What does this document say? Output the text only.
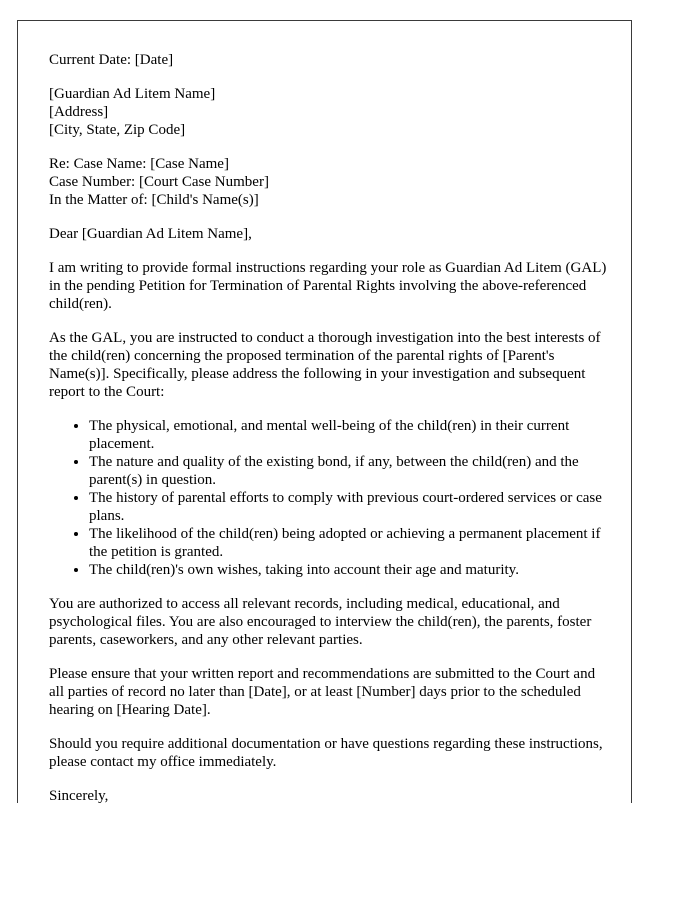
Current Date: [Date]

[Guardian Ad Litem Name]
[Address]
[City, State, Zip Code]

Re: Case Name: [Case Name]
Case Number: [Court Case Number]
In the Matter of: [Child's Name(s)]

Dear [Guardian Ad Litem Name],

I am writing to provide formal instructions regarding your role as Guardian Ad Litem (GAL) in the pending Petition for Termination of Parental Rights involving the above-referenced child(ren).

As the GAL, you are instructed to conduct a thorough investigation into the best interests of the child(ren) concerning the proposed termination of the parental rights of [Parent's Name(s)]. Specifically, please address the following in your investigation and subsequent report to the Court:

• The physical, emotional, and mental well-being of the child(ren) in their current placement.
• The nature and quality of the existing bond, if any, between the child(ren) and the parent(s) in question.
• The history of parental efforts to comply with previous court-ordered services or case plans.
• The likelihood of the child(ren) being adopted or achieving a permanent placement if the petition is granted.
• The child(ren)'s own wishes, taking into account their age and maturity.

You are authorized to access all relevant records, including medical, educational, and psychological files. You are also encouraged to interview the child(ren), the parents, foster parents, caseworkers, and any other relevant parties.

Please ensure that your written report and recommendations are submitted to the Court and all parties of record no later than [Date], or at least [Number] days prior to the scheduled hearing on [Hearing Date].

Should you require additional documentation or have questions regarding these instructions, please contact my office immediately.

Sincerely,
